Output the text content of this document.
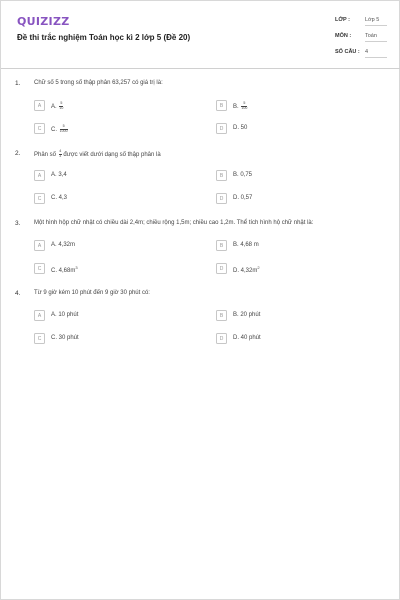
QUIZIZZ
Đề thi trắc nghiệm Toán học kì 2 lớp 5 (Đề 20)
LỚP :	Lớp 5
MÔN :	Toán
SỐ CÂU : 4
1. Chữ số 5 trong số thập phân 63,257 có giá trị là:
A	A. $\frac{5}{10}$	B	B. $\frac{5}{100}$
C	C. $\frac{5}{1000}$	D	D. 50
2. Phân số $\frac{4}{3}$ được viết dưới dạng số thập phân là
A	A. 3,4	B	B. 0,75
C	C. 4,3	D	D. 0,57
3. Một hình hộp chữ nhật có chiều dài 2,4m; chiều rộng 1,5m; chiều cao 1,2m. Thể tích hình hộ chữ nhật là:
A	A. 4,32m	B	B. 4,68 m
C	C. $4,68m^3$	D	D. $4,32m^2$
4. Từ 9 giờ kém 10 phút đến 9 giờ 30 phút có:
A	A. 10 phút	B	B. 20 phút
C	C. 30 phút	D	D. 40 phút
